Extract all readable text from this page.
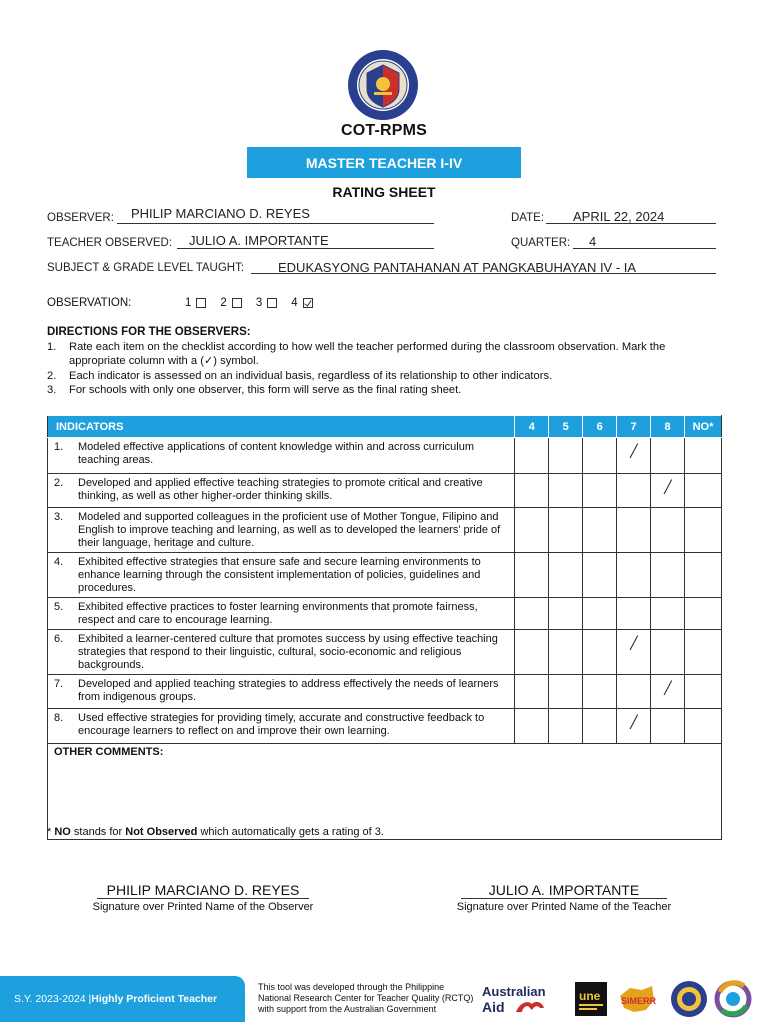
COT-RPMS
MASTER TEACHER I-IV
RATING SHEET
OBSERVER: PHILIP MARCIANO D. REYES	DATE: APRIL 22, 2024
TEACHER OBSERVED: JULIO A. IMPORTANTE	QUARTER: 4
SUBJECT & GRADE LEVEL TAUGHT:	EDUKASYONG PANTAHANAN AT PANGKABUHAYAN IV - IA
OBSERVATION:	1	2	3	4
DIRECTIONS FOR THE OBSERVERS:
1.	Rate each item on the checklist according to how well the teacher performed during the classroom observation. Mark the appropriate column with a (✓) symbol.
2.	Each indicator is assessed on an individual basis, regardless of its relationship to other indicators.
3.	For schools with only one observer, this form will serve as the final rating sheet.
INDICATORS	4	5	6	7	8	NO*

1. Modeled effective applications of content knowledge within and across curriculum teaching areas.				/		

2. Developed and applied effective teaching strategies to promote critical and creative thinking, as well as other higher-order thinking skills.					/	

3. Modeled and supported colleagues in the proficient use of Mother Tongue, Filipino and English to improve teaching and learning, as well as to developed the learners' pride of their language, heritage and culture.						

4. Exhibited effective strategies that ensure safe and secure learning environments to enhance learning through the consistent implementation of policies, guidelines and procedures.						

5. Exhibited effective practices to foster learning environments that promote fairness, respect and care to encourage learning.						

6. Exhibited a learner-centered culture that promotes success by using effective teaching strategies that respond to their linguistic, cultural, socio-economic and religious backgrounds.				/		

7. Developed and applied teaching strategies to address effectively the needs of learners from indigenous groups.					/	

8. Used effective strategies for providing timely, accurate and constructive feedback to encourage learners to reflect on and improve their own learning.				/		
OTHER COMMENTS:						
* NO stands for Not Observed which automatically gets a rating of 3.
PHILIP MARCIANO D. REYES
Signature over Printed Name of the Observer
JULIO A. IMPORTANTE
Signature over Printed Name of the Teacher
S.Y. 2023-2024 | Highly Proficient Teacher
This tool was developed through the Philippine National Research Center for Teacher Quality (RCTQ) with support from the Australian Government
Australian
Aid
une SiMERR
